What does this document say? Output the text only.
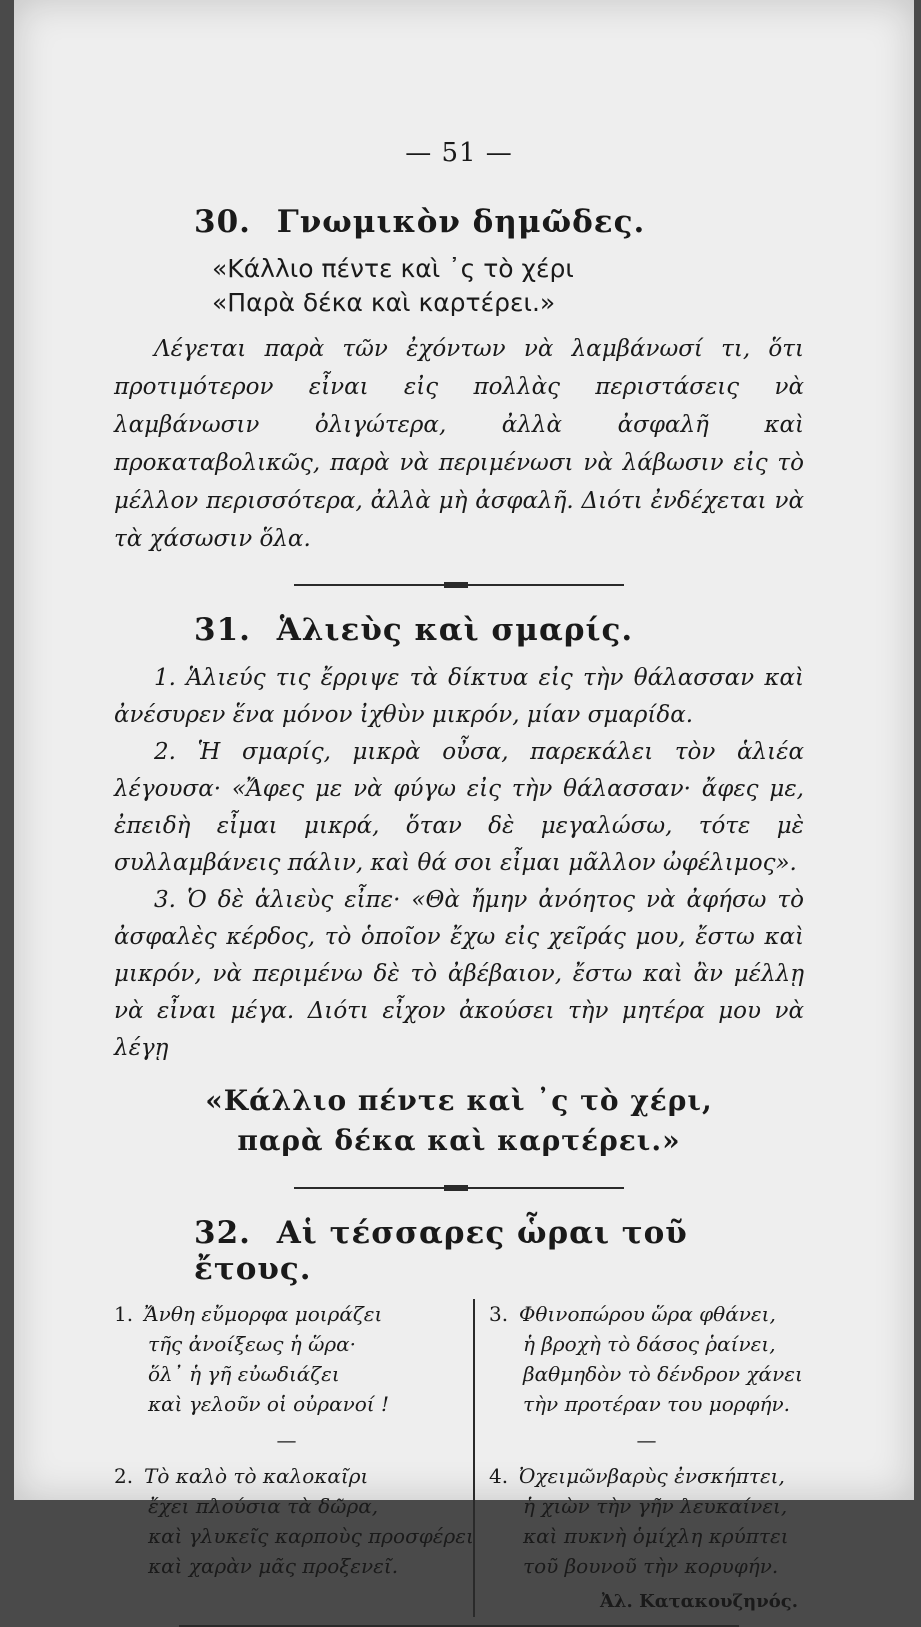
— 51 —
30. Γνωμικὸν δημῶδες.
«Κάλλιο πέντε καὶ ᾽ς τὸ χέρι
«Παρὰ δέκα καὶ καρτέρει.»

Λέγεται παρὰ τῶν ἐχόντων νὰ λαμβάνωσί τι, ὅτι προτιμότερον εἶναι εἰς πολλὰς περιστάσεις νὰ λαμβάνωσιν ὀλιγώτερα, ἀλλὰ ἀσφαλῆ καὶ προκαταβολικῶς, παρὰ νὰ περιμένωσι νὰ λάβωσιν εἰς τὸ μέλλον περισσότερα, ἀλλὰ μὴ ἀσφαλῆ. Διότι ἐνδέχεται νὰ τὰ χάσωσιν ὅλα.

31. Ἁλιεὺς καὶ σμαρίς.

1. Ἁλιεύς τις ἔρριψε τὰ δίκτυα εἰς τὴν θάλασσαν καὶ ἀνέσυρεν ἕνα μόνον ἰχθὺν μικρόν, μίαν σμαρίδα.

2. Ἡ σμαρίς, μικρὰ οὖσα, παρεκάλει τὸν ἁλιέα λέγουσα· «Ἄφες με νὰ φύγω εἰς τὴν θάλασσαν· ἄφες με, ἐπειδὴ εἶμαι μικρά, ὅταν δὲ μεγαλώσω, τότε μὲ συλλαμβάνεις πάλιν, καὶ θά σοι εἶμαι μᾶλλον ὠφέλιμος».

3. Ὁ δὲ ἁλιεὺς εἶπε· «Θὰ ἤμην ἀνόητος νὰ ἀφήσω τὸ ἀσφαλὲς κέρδος, τὸ ὁποῖον ἔχω εἰς χεῖράς μου, ἔστω καὶ μικρόν, νὰ περιμένω δὲ τὸ ἀβέβαιον, ἔστω καὶ ἂν μέλλῃ νὰ εἶναι μέγα. Διότι εἶχον ἀκούσει τὴν μητέρα μου νὰ λέγῃ

«Κάλλιο πέντε καὶ ᾽ς τὸ χέρι,
παρὰ δέκα καὶ καρτέρει.»
32. Αἱ τέσσαρες ὧραι τοῦ ἔτους.
1. Ἄνθη εὔμορφα μοιράζει
τῆς ἀνοίξεως ἡ ὥρα·
ὅλ᾽ ἡ γῆ εὐωδιάζει
καὶ γελοῦν οἱ οὐρανοί !
—
2. Τὸ καλὸ τὸ καλοκαῖρι
ἔχει πλούσια τὰ δῶρα,
καὶ γλυκεῖς καρποὺς προσφέρει
καὶ χαρὰν μᾶς προξενεῖ.
3. Φθινοπώρου ὥρα φθάνει,
ἡ βροχὴ τὸ δάσος ῥαίνει,
βαθμηδὸν τὸ δένδρον χάνει
τὴν προτέραν του μορφήν.
—
4. Ὀχειμῶνβαρὺς ἐνσκήπτει,
ἡ χιὼν τὴν γῆν λευκαίνει,
καὶ πυκνὴ ὁμίχλη κρύπτει
τοῦ βουνοῦ τὴν κορυφήν.
Ἀλ. Κατακουζηνός.
